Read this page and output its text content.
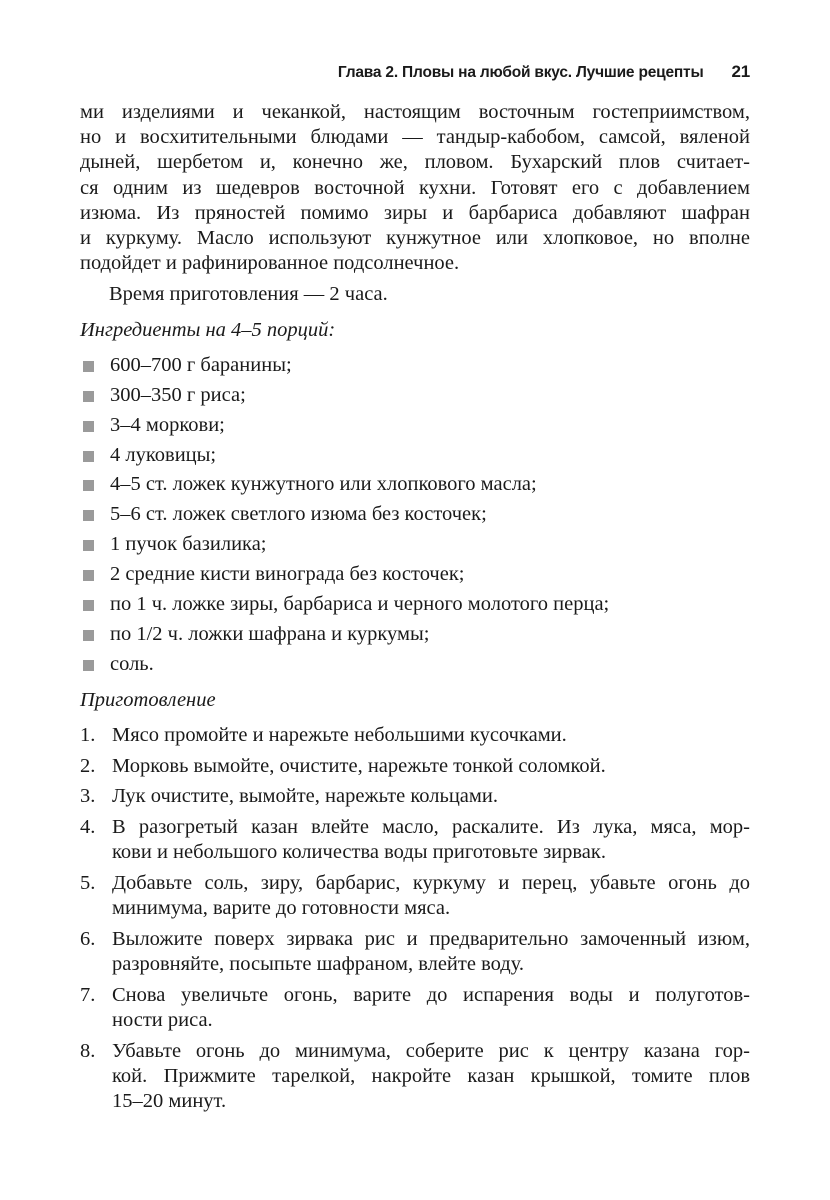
Глава 2. Пловы на любой вкус. Лучшие рецепты 21

ми изделиями и чеканкой, настоящим восточным гостеприимством,
но и восхитительными блюдами — тандыр-кабобом, самсой, вяленой
дыней, шербетом и, конечно же, пловом. Бухарский плов считает-
ся одним из шедевров восточной кухни. Готовят его с добавлением
изюма. Из пряностей помимо зиры и барбариса добавляют шафран
и куркуму. Масло используют кунжутное или хлопковое, но вполне
подойдет и рафинированное подсолнечное.

Время приготовления — 2 часа.

Ингредиенты на 4–5 порций:

600–700 г баранины;
300–350 г риса;
3–4 моркови;
4 луковицы;
4–5 ст. ложек кунжутного или хлопкового масла;
5–6 ст. ложек светлого изюма без косточек;
1 пучок базилика;
2 средние кисти винограда без косточек;
по 1 ч. ложке зиры, барбариса и черного молотого перца;
по 1/2 ч. ложки шафрана и куркумы;
соль.

Приготовление

1. Мясо промойте и нарежьте небольшими кусочками.
2. Морковь вымойте, очистите, нарежьте тонкой соломкой.
3. Лук очистите, вымойте, нарежьте кольцами.
4. В разогретый казан влейте масло, раскалите. Из лука, мяса, мор-
кови и небольшого количества воды приготовьте зирвак.
5. Добавьте соль, зиру, барбарис, куркуму и перец, убавьте огонь до
минимума, варите до готовности мяса.
6. Выложите поверх зирвака рис и предварительно замоченный изюм,
разровняйте, посыпьте шафраном, влейте воду.
7. Снова увеличьте огонь, варите до испарения воды и полуготов-
ности риса.
8. Убавьте огонь до минимума, соберите рис к центру казана гор-
кой. Прижмите тарелкой, накройте казан крышкой, томите плов
15–20 минут.
